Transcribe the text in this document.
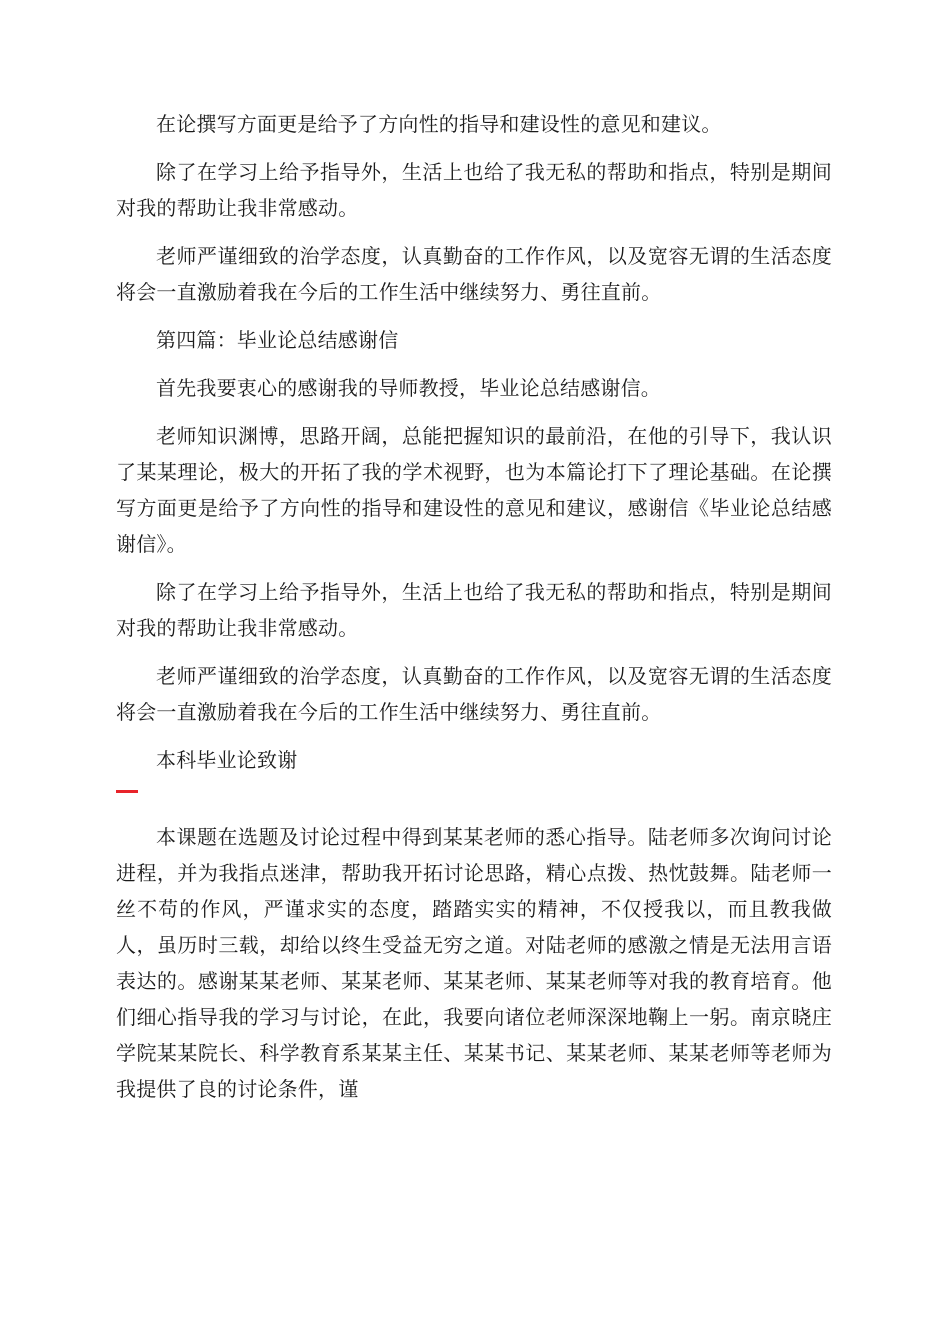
在论撰写方面更是给予了方向性的指导和建设性的意见和建议。

除了在学习上给予指导外，生活上也给了我无私的帮助和指点，特别是期间对我的帮助让我非常感动。

老师严谨细致的治学态度，认真勤奋的工作作风，以及宽容无谓的生活态度将会一直激励着我在今后的工作生活中继续努力、勇往直前。

第四篇：毕业论总结感谢信

首先我要衷心的感谢我的导师教授，毕业论总结感谢信。

老师知识渊博，思路开阔，总能把握知识的最前沿，在他的引导下，我认识了某某理论，极大的开拓了我的学术视野，也为本篇论打下了理论基础。在论撰写方面更是给予了方向性的指导和建设性的意见和建议，感谢信《毕业论总结感谢信》。

除了在学习上给予指导外，生活上也给了我无私的帮助和指点，特别是期间对我的帮助让我非常感动。

老师严谨细致的治学态度，认真勤奋的工作作风，以及宽容无谓的生活态度将会一直激励着我在今后的工作生活中继续努力、勇往直前。

本科毕业论致谢

本课题在选题及讨论过程中得到某某老师的悉心指导。陆老师多次询问讨论进程，并为我指点迷津，帮助我开拓讨论思路，精心点拨、热忱鼓舞。陆老师一丝不苟的作风，严谨求实的态度，踏踏实实的精神，不仅授我以，而且教我做人，虽历时三载，却给以终生受益无穷之道。对陆老师的感激之情是无法用言语表达的。感谢某某老师、某某老师、某某老师、某某老师等对我的教育培育。他们细心指导我的学习与讨论，在此，我要向诸位老师深深地鞠上一躬。南京晓庄学院某某院长、科学教育系某某主任、某某书记、某某老师、某某老师等老师为我提供了良的讨论条件，谨
